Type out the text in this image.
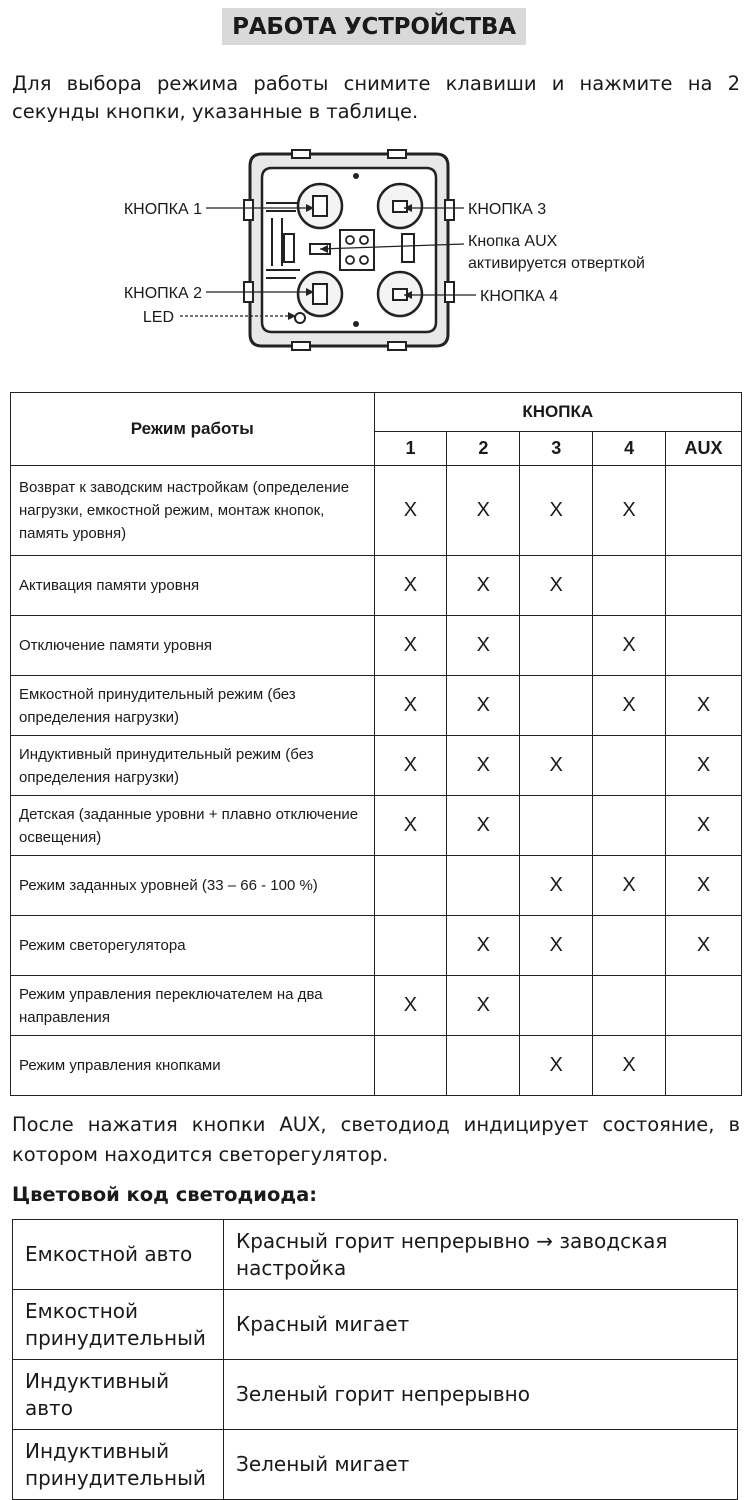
РАБОТА УСТРОЙСТВА
Для выбора режима работы снимите клавиши и нажмите на 2 секунды кнопки, указанные в таблице.
КНОПКА 1
КНОПКА 2
LED
КНОПКА 3
Кнопка AUX
активируется отверткой
КНОПКА 4
Режим работы	КНОПКА				
	1	2	3	4	AUX
Возврат к заводским настройкам (определение нагрузки, емкостной режим, монтаж кнопок, память уровня)	X	X	X	X	
Активация памяти уровня	X	X	X		
Отключение памяти уровня	X	X		X	
Емкостной принудительный режим (без определения нагрузки)	X	X		X	X
Индуктивный принудительный режим (без определения нагрузки)	X	X	X		X
Детская (заданные уровни + плавно отключение освещения)	X	X			X
Режим заданных уровней (33 – 66 - 100 %)			X	X	X
Режим светорегулятора		X	X		X
Режим управления переключателем на два направления	X	X			
Режим управления кнопками			X	X	
После нажатия кнопки AUX, светодиод индицирует состояние, в котором находится светорегулятор.
Цветовой код светодиода:
Емкостной авто	Красный горит непрерывно → заводская настройка
Емкостной принудительный	Красный мигает
Индуктивный авто	Зеленый горит непрерывно
Индуктивный принудительный	Зеленый мигает
